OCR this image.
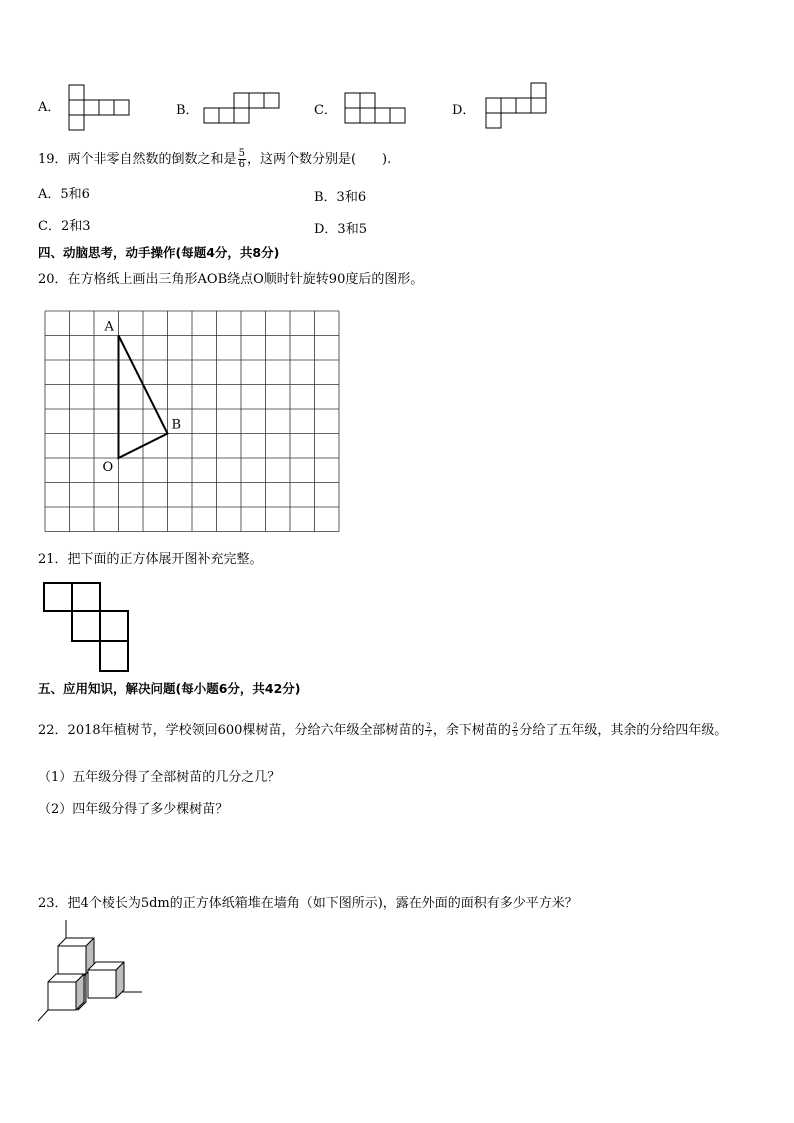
A．	B．	C．	D．
19．两个非零自然数的倒数之和是 $\frac{5}{6}$ ，这两个数分别是(　　).
A．5和6	B．3和6
C．2和3	D．3和5
四、动脑思考，动手操作(每题4分，共8分)
20．在方格纸上画出三角形AOB绕点O顺时针旋转90度后的图形。
A
B
O
21．把下面的正方体展开图补充完整。
五、应用知识，解决问题(每小题6分，共42分)
22．2018年植树节，学校领回600棵树苗，分给六年级全部树苗的 $\frac{2}{7}$ ，余下树苗的 $\frac{2}{5}$ 分给了五年级，其余的分给四年级。
（1）五年级分得了全部树苗的几分之几？
（2）四年级分得了多少棵树苗？
23．把4个棱长为5dm的正方体纸箱堆在墙角（如下图所示)，露在外面的面积有多少平方米？
